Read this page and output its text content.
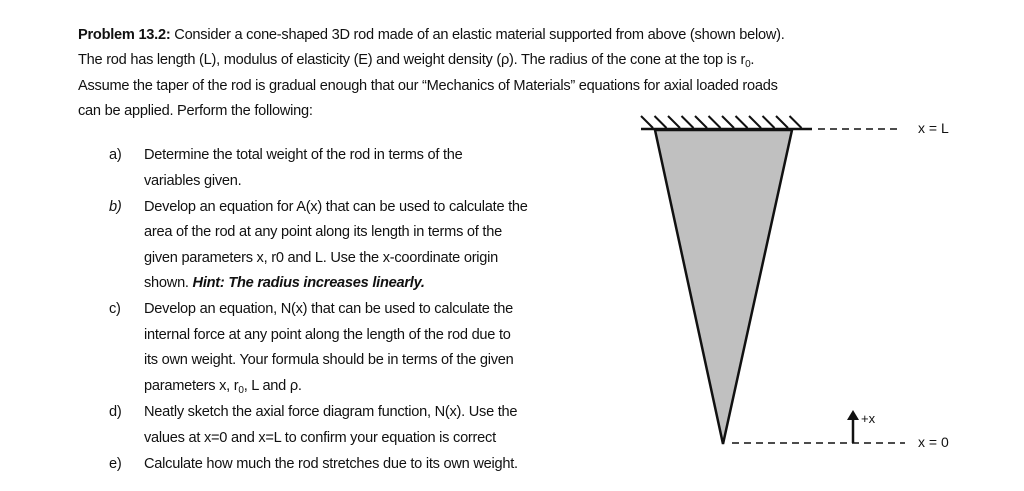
Problem 13.2: Consider a cone-shaped 3D rod made of an elastic material supported from above (shown below).
The rod has length (L), modulus of elasticity (E) and weight density (ρ). The radius of the cone at the top is $r_0$.
Assume the taper of the rod is gradual enough that our “Mechanics of Materials” equations for axial loaded roads
can be applied. Perform the following:
a) Determine the total weight of the rod in terms of the
variables given.
b) Develop an equation for A(x) that can be used to calculate the
area of the rod at any point along its length in terms of the
given parameters x, r0 and L. Use the x-coordinate origin
shown. Hint: The radius increases linearly.
c) Develop an equation, N(x) that can be used to calculate the
internal force at any point along the length of the rod due to
its own weight. Your formula should be in terms of the given
parameters x, $r_0$, L and ρ.
d) Neatly sketch the axial force diagram function, N(x). Use the
values at x=0 and x=L to confirm your equation is correct
e) Calculate how much the rod stretches due to its own weight.
x = L
x = 0
+x
